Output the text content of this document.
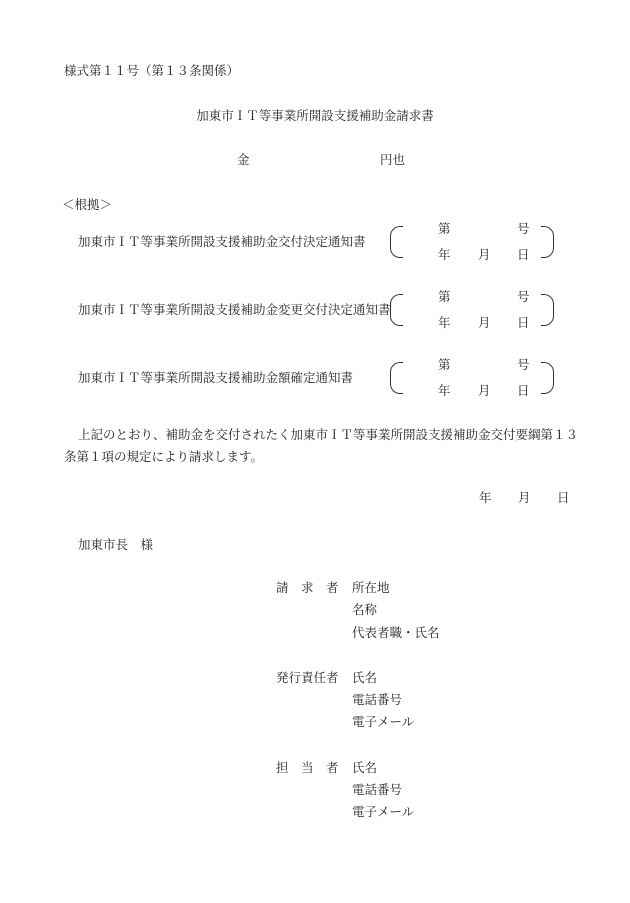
様式第１１号（第１３条関係）
加東市ＩＴ等事業所開設支援補助金請求書
金	円也
＜根拠＞
加東市ＩＴ等事業所開設支援補助金交付決定通知書
第	号
年 月 日
加東市ＩＴ等事業所開設支援補助金変更交付決定通知書
第	号
年 月 日
加東市ＩＴ等事業所開設支援補助金額確定通知書
第	号
年 月 日
上記のとおり、補助金を交付されたく加東市ＩＴ等事業所開設支援補助金交付要綱第１３条第１項の規定により請求します。
年 月 日
加東市長　様
請　求　者 所在地
名称
代表者職・氏名
発行責任者 氏名
電話番号
電子メール
担　当　者 氏名
電話番号
電子メール
